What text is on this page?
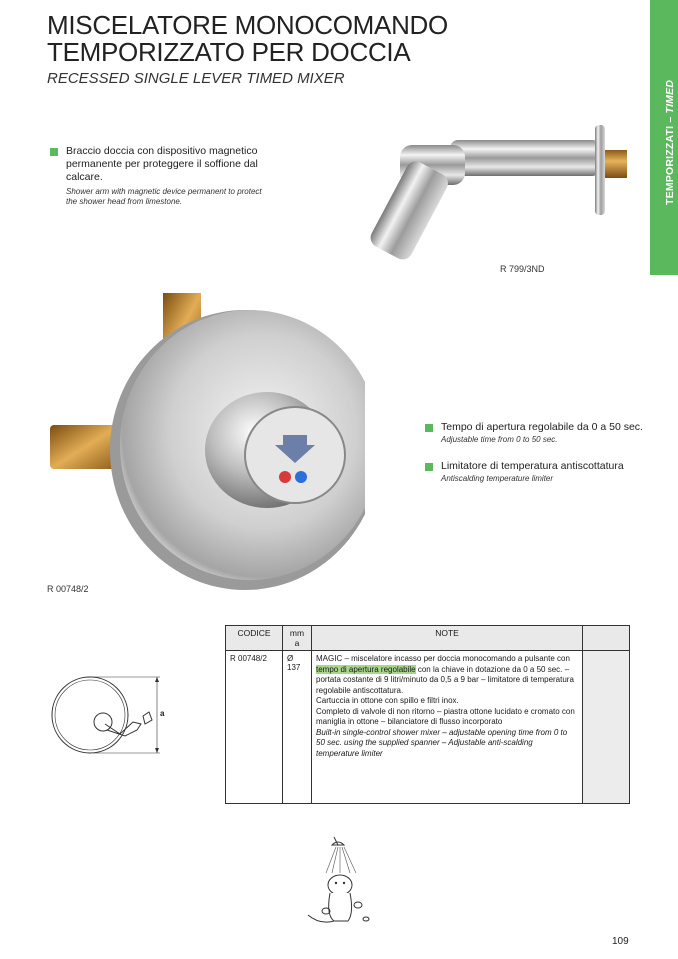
MISCELATORE MONOCOMANDO
TEMPORIZZATO PER DOCCIA
RECESSED SINGLE LEVER TIMED MIXER
TEMPORIZZATI – TIMED
Braccio doccia con dispositivo magnetico permanente per proteggere il soffione dal calcare.
Shower arm with magnetic device permanent to protect the shower head from limestone.
R 799/3ND
R 00748/2
Tempo di apertura regolabile da 0 a 50 sec.
Adjustable time from 0 to 50 sec.
Limitatore di temperatura antiscottatura
Antiscalding temperature limiter
a
CODICE	mm a	NOTE	
R 00748/2	Ø 137	MAGIC – miscelatore incasso per doccia monocomando a pulsante con tempo di apertura regolabile con la chiave in dotazione da 0 a 50 sec. – portata costante di 9 litri/minuto da 0,5 a 9 bar – limitatore di temperatura regolabile antiscottatura.
Cartuccia in ottone con spillo e filtri inox.
Completo di valvole di non ritorno – piastra ottone lucidato e cromato con maniglia in ottone – bilanciatore di flusso incorporato
Built-in single-control shower mixer – adjustable opening time from 0 to 50 sec. using the supplied spanner – Adjustable anti-scalding temperature limiter	
109
